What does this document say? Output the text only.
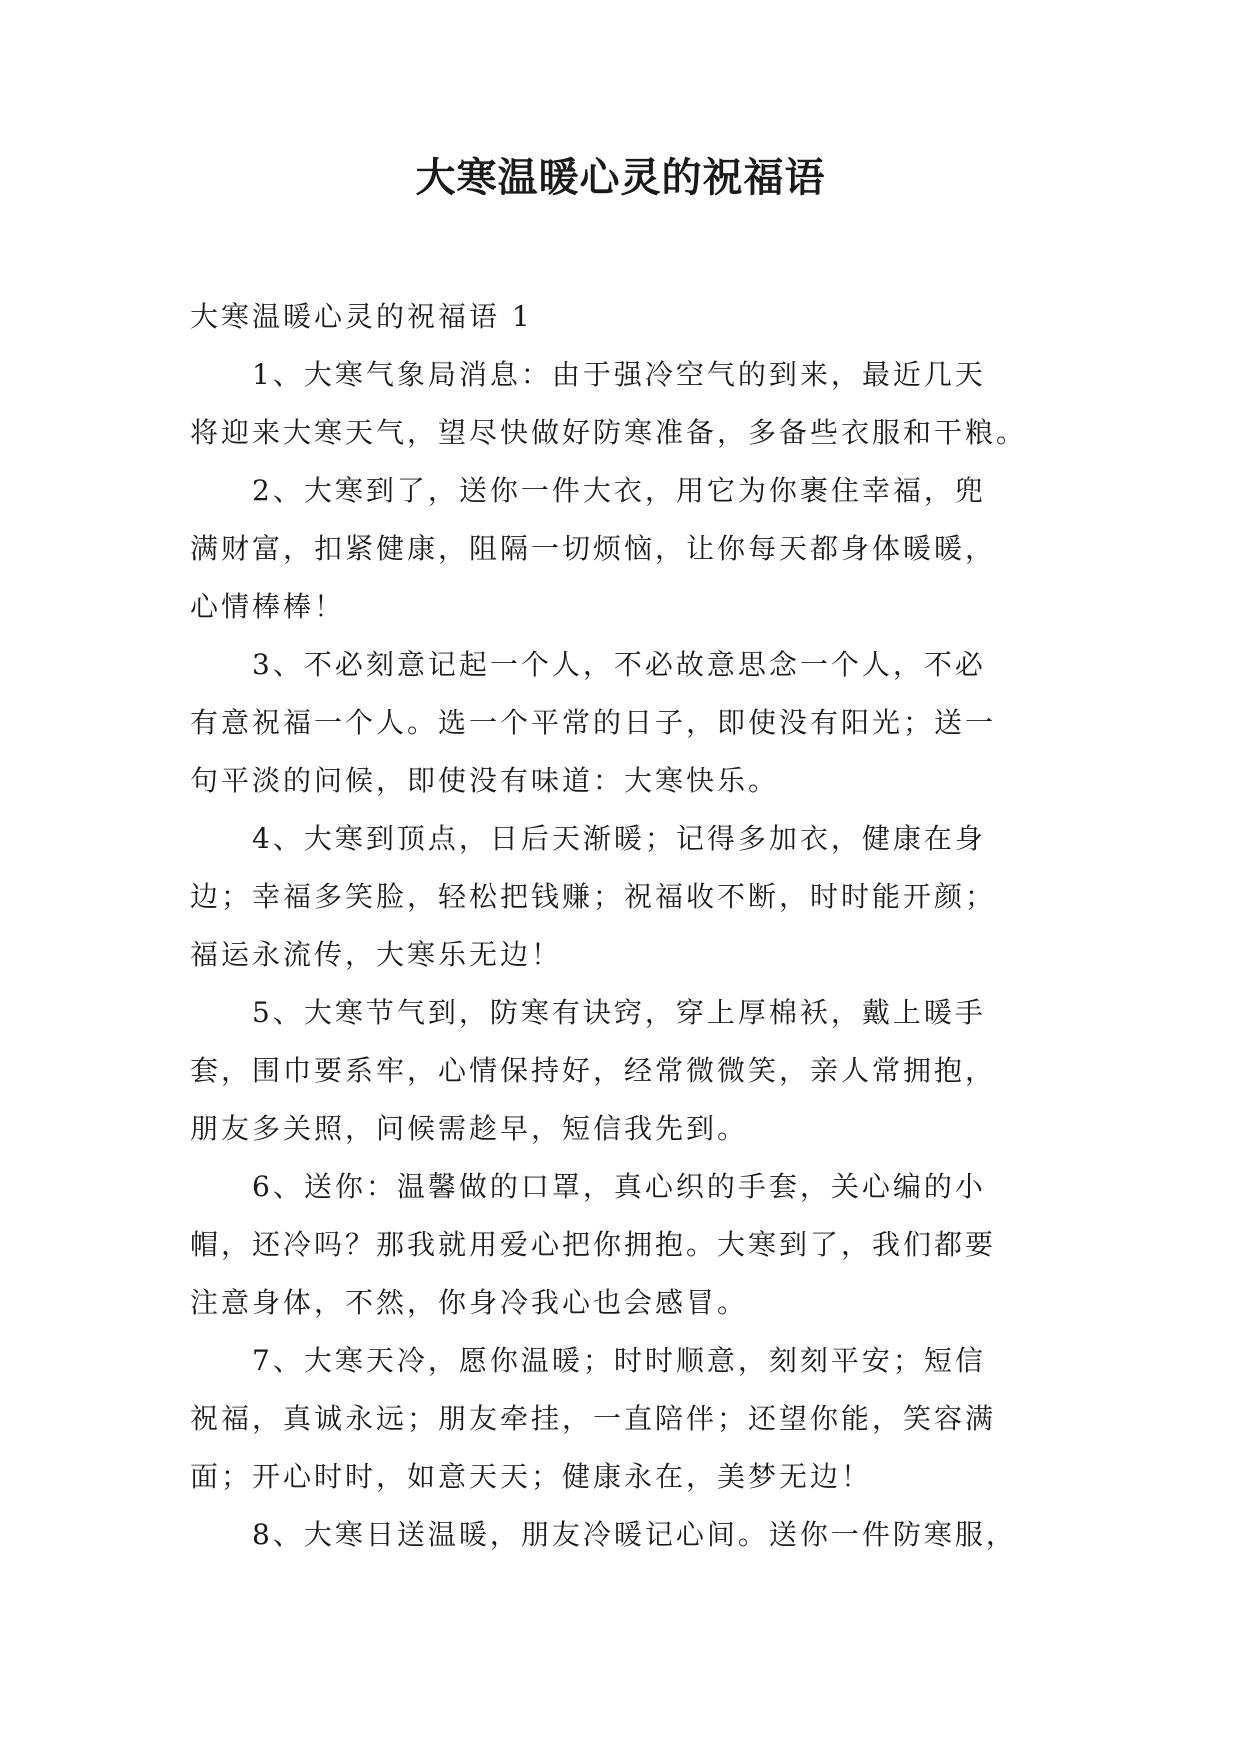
大寒温暖心灵的祝福语

大寒温暖心灵的祝福语 1

　　1、大寒气象局消息：由于强冷空气的到来，最近几天
将迎来大寒天气，望尽快做好防寒准备，多备些衣服和干粮。

　　2、大寒到了，送你一件大衣，用它为你裹住幸福，兜
满财富，扣紧健康，阻隔一切烦恼，让你每天都身体暖暖，
心情棒棒！

　　3、不必刻意记起一个人，不必故意思念一个人，不必
有意祝福一个人。选一个平常的日子，即使没有阳光；送一
句平淡的问候，即使没有味道：大寒快乐。

　　4、大寒到顶点，日后天渐暖；记得多加衣，健康在身
边；幸福多笑脸，轻松把钱赚；祝福收不断，时时能开颜；
福运永流传，大寒乐无边！

　　5、大寒节气到，防寒有诀窍，穿上厚棉袄，戴上暖手
套，围巾要系牢，心情保持好，经常微微笑，亲人常拥抱，
朋友多关照，问候需趁早，短信我先到。

　　6、送你：温馨做的口罩，真心织的手套，关心编的小
帽，还冷吗？那我就用爱心把你拥抱。大寒到了，我们都要
注意身体，不然，你身冷我心也会感冒。

　　7、大寒天冷，愿你温暖；时时顺意，刻刻平安；短信
祝福，真诚永远；朋友牵挂，一直陪伴；还望你能，笑容满
面；开心时时，如意天天；健康永在，美梦无边！

　　8、大寒日送温暖，朋友冷暖记心间。送你一件防寒服，
